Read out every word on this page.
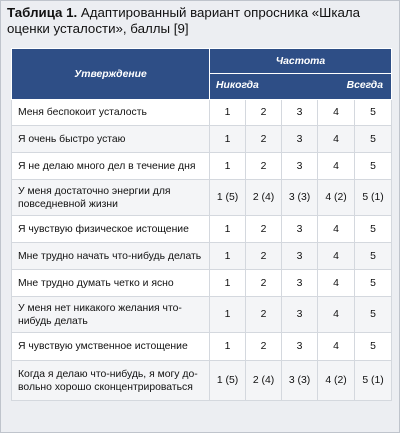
Таблица 1. Адаптированный вариант опросника «Шкала оценки усталости», баллы [9]
Утверждение	Частота				

	Никогда Всегда				

Меня беспокоит усталость	1	2	3	4	5
Я очень быстро устаю	1	2	3	4	5
Я не делаю много дел в течение дня	1	2	3	4	5
У меня достаточно энергии для повседневной жизни	1 (5)	2 (4)	3 (3)	4 (2)	5 (1)
Я чувствую физическое истощение	1	2	3	4	5
Мне трудно начать что-нибудь делать	1	2	3	4	5
Мне трудно думать четко и ясно	1	2	3	4	5
У меня нет никакого желания что-нибудь делать	1	2	3	4	5
Я чувствую умственное истощение	1	2	3	4	5
Когда я делаю что-нибудь, я могу до-вольно хорошо сконцентрироваться	1 (5)	2 (4)	3 (3)	4 (2)	5 (1)
